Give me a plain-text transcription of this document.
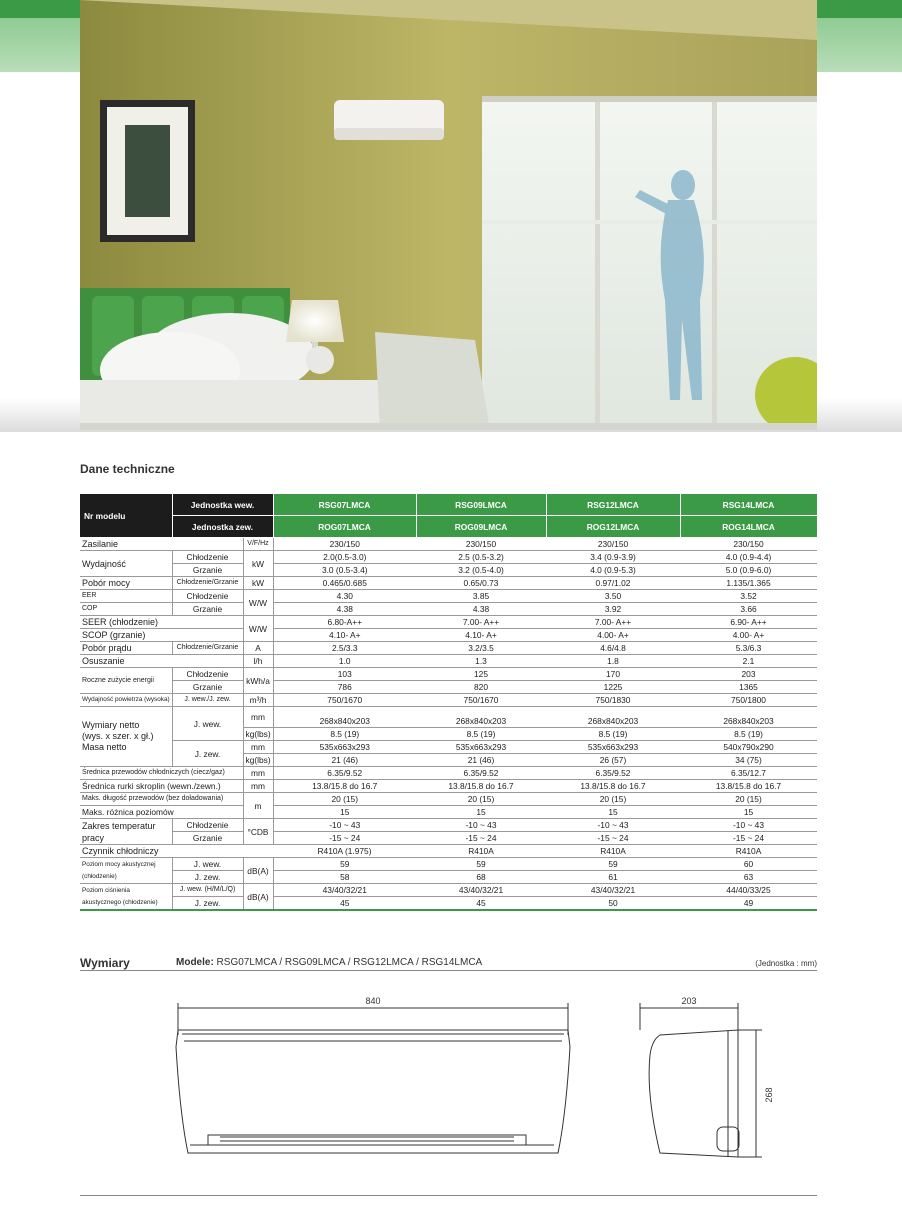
Dane techniczne
Nr modelu	Jednostka wew.		RSG07LMCA	RSG09LMCA	RSG12LMCA	RSG14LMCA
	Jednostka zew.		ROG07LMCA	ROG09LMCA	ROG12LMCA	ROG14LMCA
Zasilanie		V/F/Hz	230/150	230/150	230/150	230/150
Wydajność	Chłodzenie	kW	2.0(0.5-3.0)	2.5 (0.5-3.2)	3.4 (0.9-3.9)	4.0 (0.9-4.4)
	Grzanie		3.0 (0.5-3.4)	3.2 (0.5-4.0)	4.0 (0.9-5.3)	5.0 (0.9-6.0)
Pobór mocy	Chłodzenie/Grzanie	kW	0.465/0.685	0.65/0.73	0.97/1.02	1.135/1.365
EER	Chłodzenie	W/W	4.30	3.85	3.50	3.52
COP	Grzanie		4.38	4.38	3.92	3.66
SEER (chłodzenie)		W/W	6.80-A++	7.00- A++	7.00- A++	6.90- A++
SCOP (grzanie)			4.10- A+	4.10- A+	4.00- A+	4.00- A+
Pobór prądu	Chłodzenie/Grzanie	A	2.5/3.3	3.2/3.5	4.6/4.8	5.3/6.3
Osuszanie		l/h	1.0	1.3	1.8	2.1
Roczne zużycie energii	Chłodzenie	kWh/a	103	125	170	203
	Grzanie		786	820	1225	1365
Wydajność powietrza (wysoka)	J. wew./J. zew.	m³/h	750/1670	750/1670	750/1830	750/1800

Wymiary netto
(wys. x szer. x gł.)
Masa netto	J. wew.	mm	268x840x203	268x840x203	268x840x203	268x840x203
		kg(lbs)	8.5 (19)	8.5 (19)	8.5 (19)	8.5 (19)
	J. zew.	mm	535x663x293	535x663x293	535x663x293	540x790x290
		kg(lbs)	21 (46)	21 (46)	26 (57)	34 (75)
Średnica przewodów chłodniczych (ciecz/gaz)		mm	6.35/9.52	6.35/9.52	6.35/9.52	6.35/12.7
Średnica rurki skroplin (wewn./zewn.)		mm	13.8/15.8 do 16.7	13.8/15.8 do 16.7	13.8/15.8 do 16.7	13.8/15.8 do 16.7
Maks. długość przewodów (bez doładowania)		m	20 (15)	20 (15)	20 (15)	20 (15)
Maks. różnica poziomów			15	15	15	15

Zakres temperatur
pracy	Chłodzenie	°CDB	-10 ~ 43	-10 ~ 43	-10 ~ 43	-10 ~ 43
	Grzanie		-15 ~ 24	-15 ~ 24	-15 ~ 24	-15 ~ 24
Czynnik chłodniczy			R410A (1.975)	R410A	R410A	R410A

Poziom mocy akustycznej
(chłodzenie)	J. wew.	dB(A)	59	59	59	60
	J. zew.		58	68	61	63

Poziom ciśnienia
akustycznego (chłodzenie)	J. wew. (H/M/L/Q)	dB(A)	43/40/32/21	43/40/32/21	43/40/32/21	44/40/33/25
	J. zew.		45	45	50	49
Wymiary	Modele: RSG07LMCA / RSG09LMCA / RSG12LMCA / RSG14LMCA	(Jednostka : mm)
840	203
268
